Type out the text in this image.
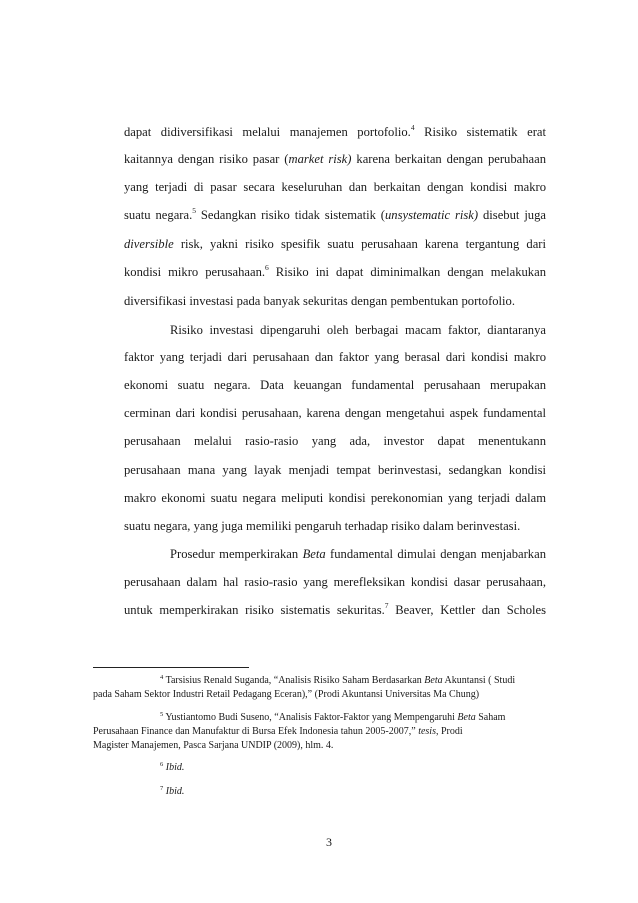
dapat didiversifikasi melalui manajemen portofolio.$^4$ Risiko sistematik erat

kaitannya dengan risiko pasar (market risk) karena berkaitan dengan perubahaan

yang terjadi di pasar secara keseluruhan dan berkaitan dengan kondisi makro

suatu negara.$^5$ Sedangkan risiko tidak sistematik (unsystematic risk) disebut juga

diversible risk, yakni risiko spesifik suatu perusahaan karena tergantung dari

kondisi mikro perusahaan.$^6$ Risiko ini dapat diminimalkan dengan melakukan

diversifikasi investasi pada banyak sekuritas dengan pembentukan portofolio.

Risiko investasi dipengaruhi oleh berbagai macam faktor, diantaranya

faktor yang terjadi dari perusahaan dan faktor yang berasal dari kondisi makro

ekonomi suatu negara. Data keuangan fundamental perusahaan merupakan

cerminan dari kondisi perusahaan, karena dengan mengetahui aspek fundamental

perusahaan melalui rasio-rasio yang ada, investor dapat menentukann

perusahaan mana yang layak menjadi tempat berinvestasi, sedangkan kondisi

makro ekonomi suatu negara meliputi kondisi perekonomian yang terjadi dalam

suatu negara, yang juga memiliki pengaruh terhadap risiko dalam berinvestasi.

Prosedur memperkirakan Beta fundamental dimulai dengan menjabarkan

perusahaan dalam hal rasio-rasio yang merefleksikan kondisi dasar perusahaan,

untuk memperkirakan risiko sistematis sekuritas.$^7$ Beaver, Kettler dan Scholes

$^4$ Tarsisius Renald Suganda, “Analisis Risiko Saham Berdasarkan Beta Akuntansi ( Studi

pada Saham Sektor Industri Retail Pedagang Eceran),” (Prodi Akuntansi Universitas Ma Chung)

$^5$ Yustiantomo Budi Suseno, “Analisis Faktor-Faktor yang Mempengaruhi Beta Saham

Perusahaan Finance dan Manufaktur di Bursa Efek Indonesia tahun 2005-2007,” tesis, Prodi

Magister Manajemen, Pasca Sarjana UNDIP (2009), hlm. 4.

$^6$ Ibid.

$^7$ Ibid.

3
